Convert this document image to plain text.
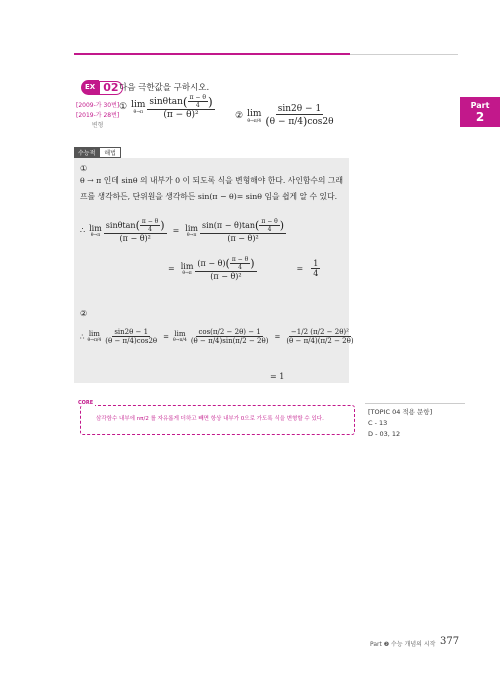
Part
2
EX 02 다음 극한값을 구하시오.
[2009-가 30번]
[2019-가 28번]
변형
① lim
$\theta\to\pi \frac{\sin\theta\tan ( \frac{\pi - \theta}{4} )}{\text{(π − θ)²}}$ ② lim
$\theta\to\pi/4 \frac{\sin 2\theta - 1}{( \theta - \pi/4 ) \cos 2\theta}$
수능적	해법
①
θ → π 인데 sinθ 의 내부가 0 이 되도록 식을 변형해야 한다. 사인함수의 그래
프를 생각하든, 단위원을 생각하든 sin(π − θ)= sinθ 임을 쉽게 알 수 있다.
∴ lim
$\theta\to\pi \frac{\sin\theta\tan ( \frac{\pi - \theta}{4} )}{\text{(π − θ)²}} = \lim$
$\theta\to\pi \frac{\sin(\pi - \theta)\tan ( \frac{\pi - \theta}{4} )}{\text{(π − θ)²}}$
= lim
$\theta\to\pi \frac{(\pi - \theta) ( \frac{\pi - \theta}{4} )}{\text{(π − θ)²}}$	= $\frac{1}{4}$
②
∴ lim
$\theta\to\pi/4 \frac{\sin 2\theta - 1}{( \theta - \pi/4 ) \cos 2\theta} = \lim$
$\theta\to\pi/4 \frac{\cos(\pi/2 - 2\theta) - 1}{(\theta - \pi/4)\sin(\pi/2 - 2\theta)} = \frac{\text{−1/2 (π/2 − 2θ)²}}{(\theta - \pi/4)(\pi/2 - 2\theta)}$
= 1
CORE
삼각함수 내부에 nπ/2 를 자유롭게 더하고 빼면 항상 내부가 0으로 가도록 식을 변형할 수 있다.
[TOPIC 04 적용 문항]
C - 13
D - 03, 12
Part ❷ 수능 개념의 시작 377
